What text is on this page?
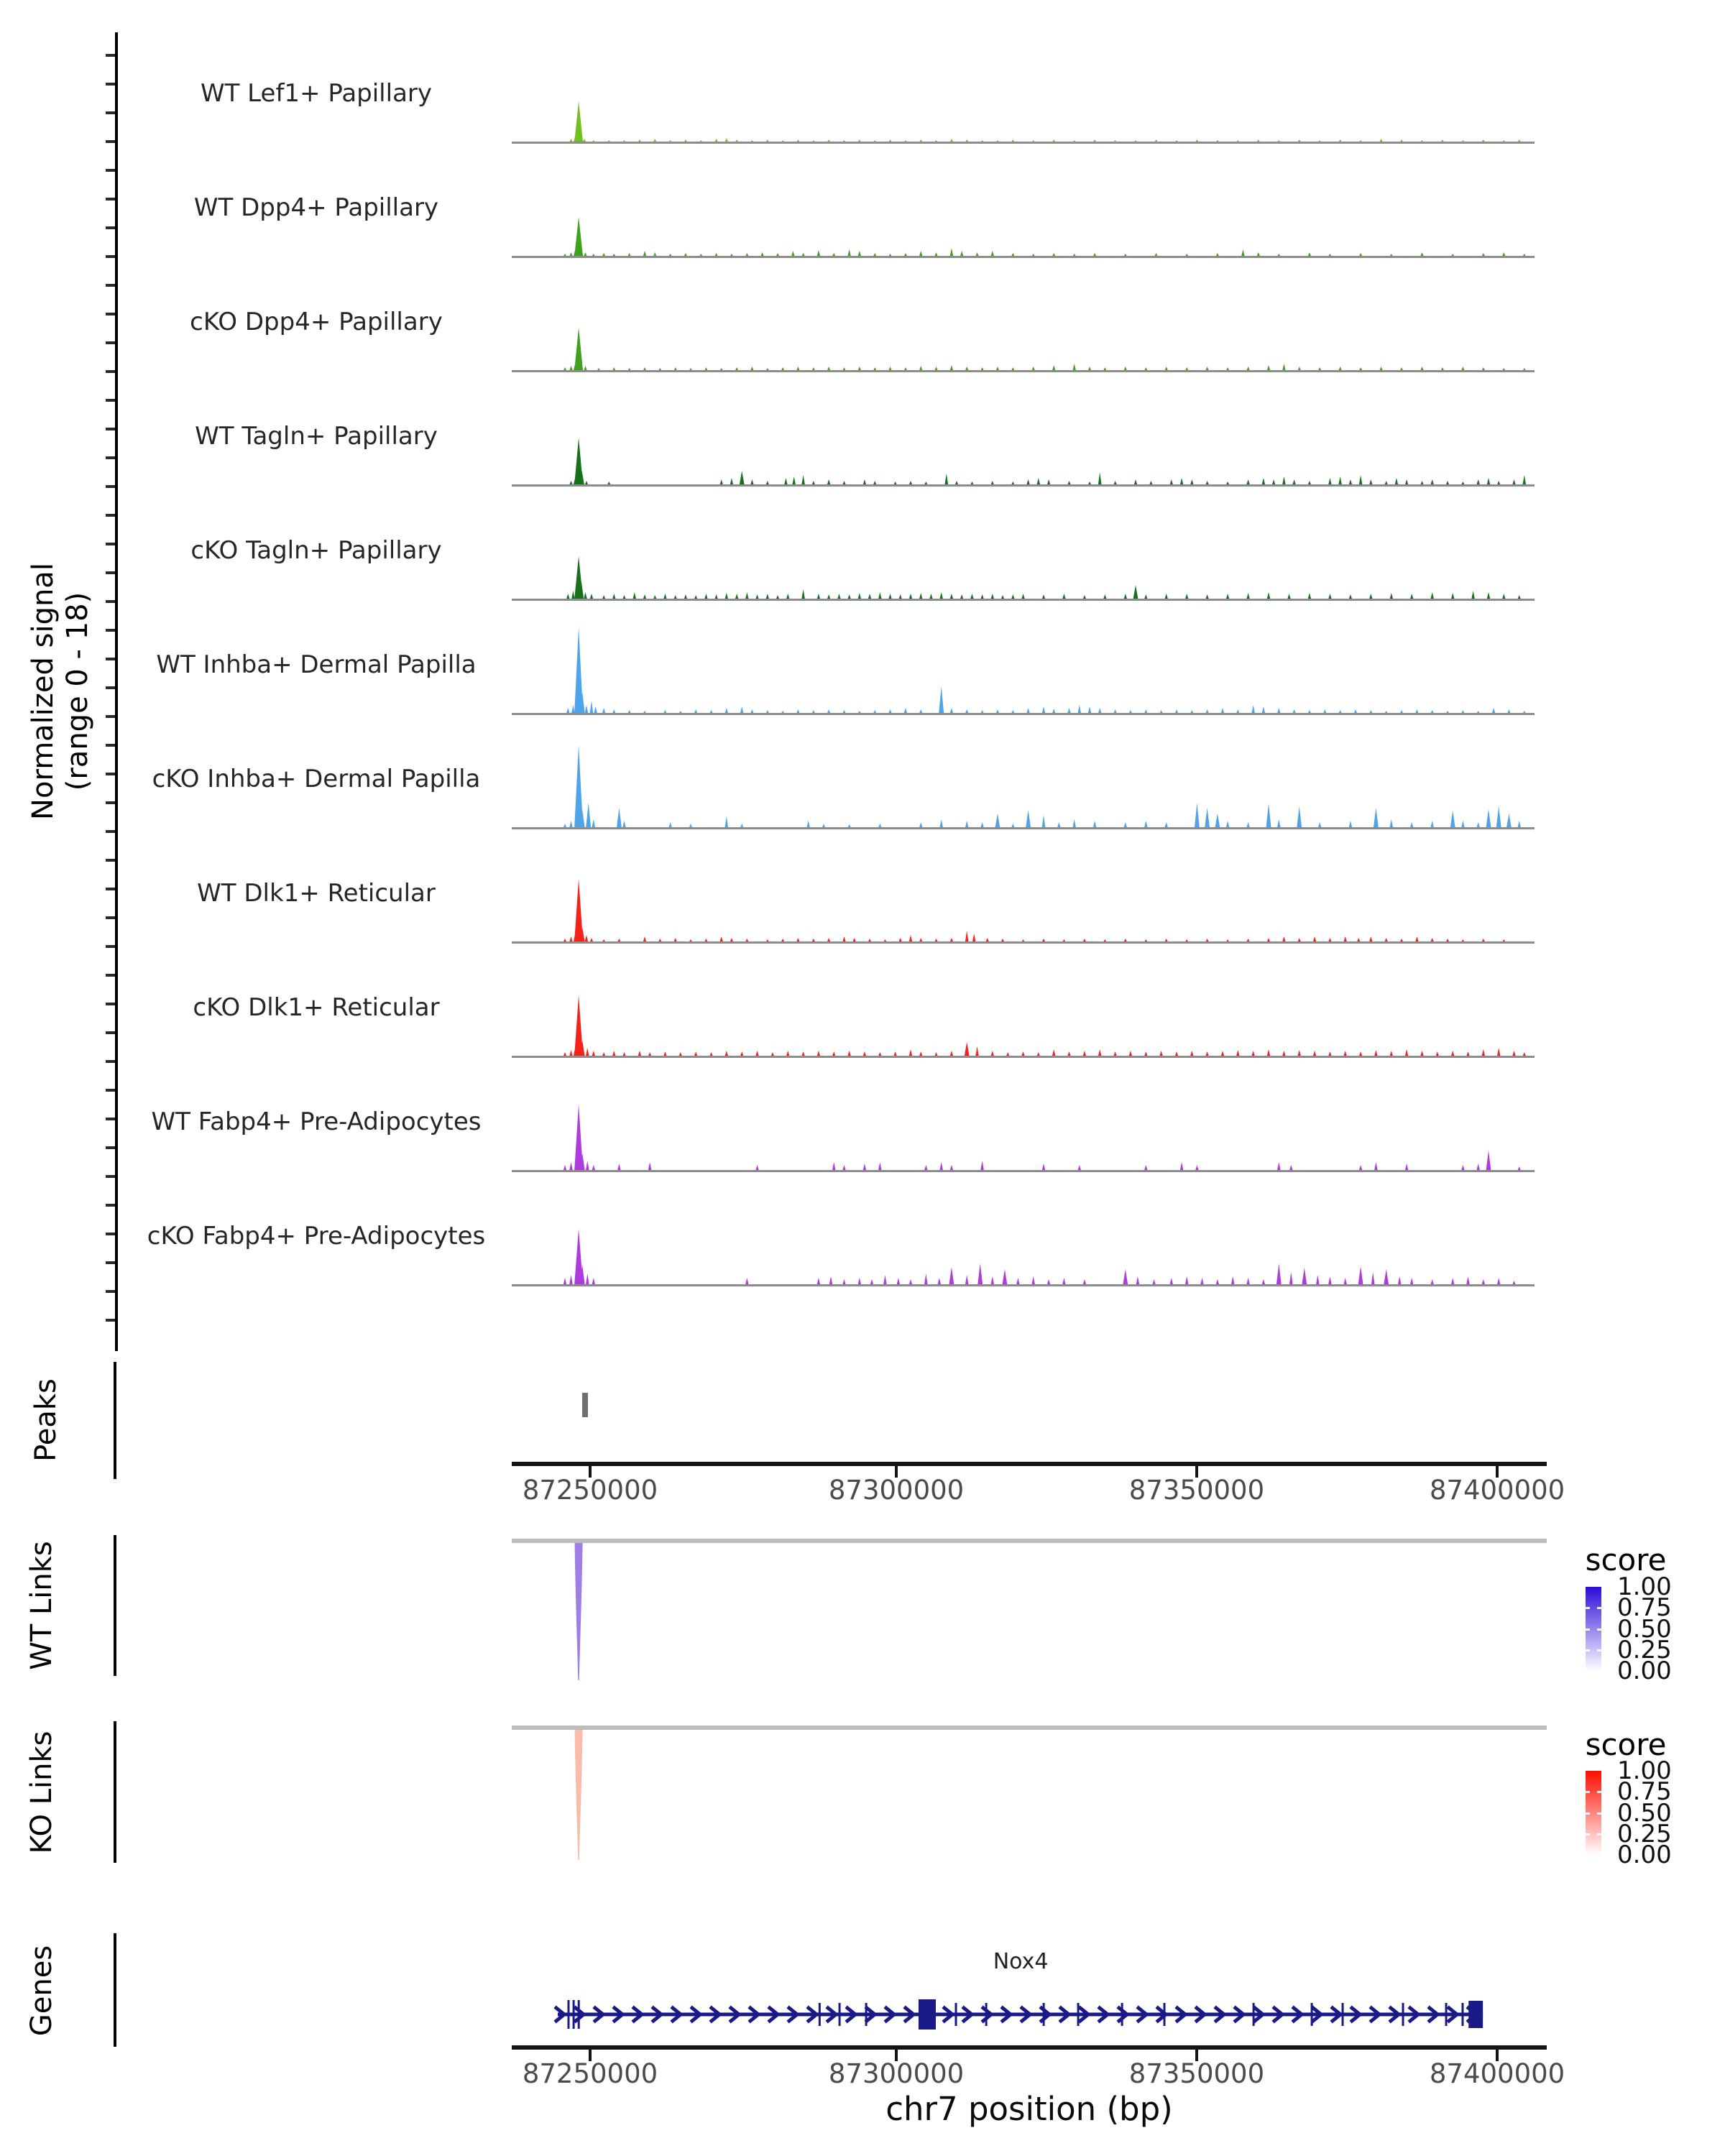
Normalized signal (range 0 - 18)
WT Lef1+ Papillary
WT Dpp4+ Papillary
cKO Dpp4+ Papillary
WT Tagln+ Papillary
cKO Tagln+ Papillary
WT Inhba+ Dermal Papilla
cKO Inhba+ Dermal Papilla
WT Dlk1+ Reticular
cKO Dlk1+ Reticular
WT Fabp4+ Pre-Adipocytes
cKO Fabp4+ Pre-Adipocytes
87250000	87300000	87350000	87400000
87250000	87300000	87350000	87400000
1.00
0.75
0.50
0.25
0.00
1.00
0.75
0.50
0.25
0.00
Peaks
WT Links
KO Links
Genes
score
score
Nox4
chr7 position (bp)
